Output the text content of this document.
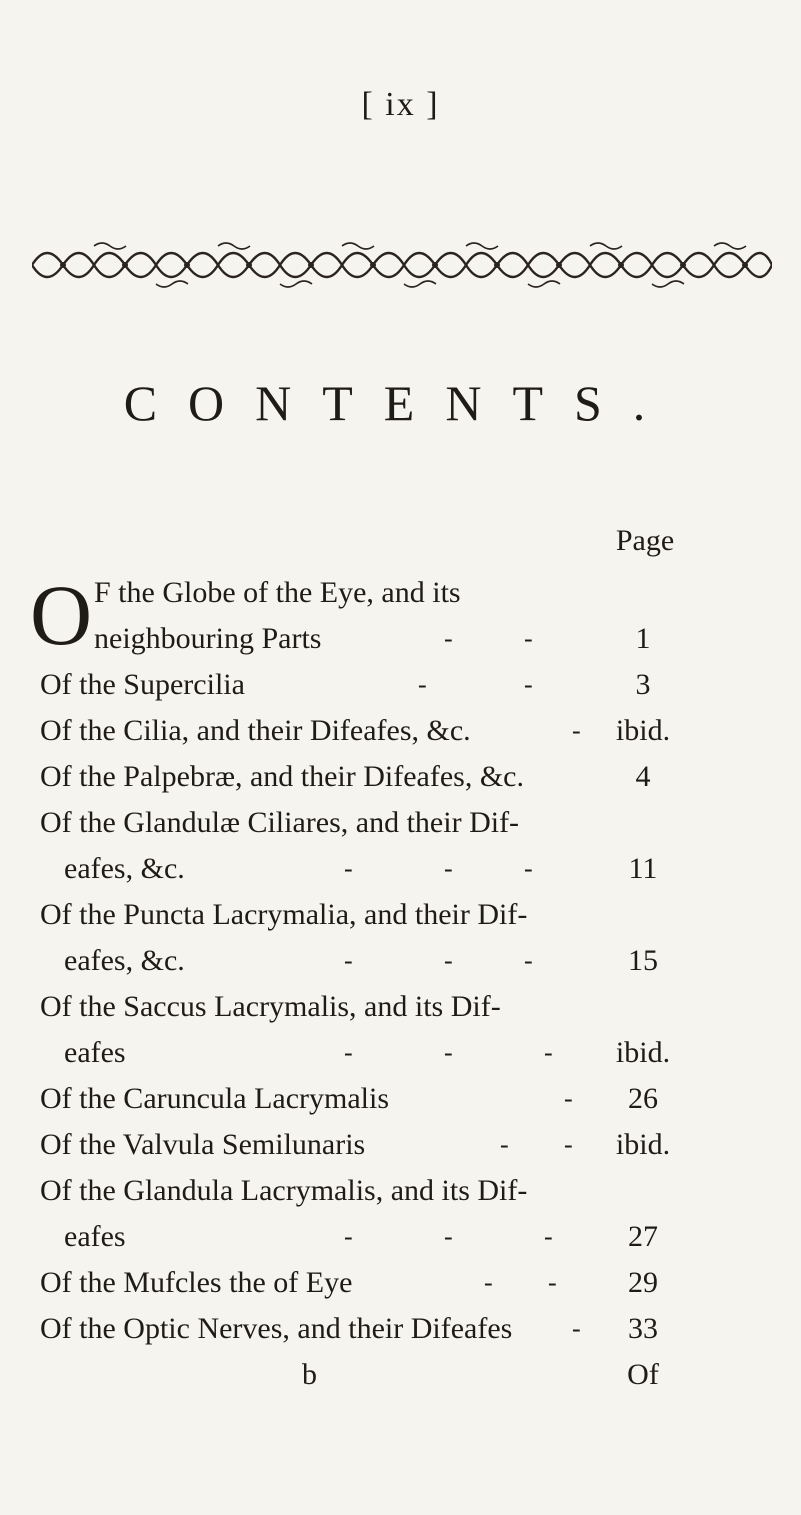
[ ix ]
CONTENTS.
Page
O F the Globe of the Eye, and its
neighbouring Parts	-	-	1
Of the Supercilia	-	-	3
Of the Cilia, and their Difeafes, &c.	-	ibid.
Of the Palpebræ, and their Difeafes, &c.	4
Of the Glandulæ Ciliares, and their Dif-
eafes, &c.	-	-	-	11
Of the Puncta Lacrymalia, and their Dif-
eafes, &c.	-	-	-	15
Of the Saccus Lacrymalis, and its Dif-
eafes	-	-	-	ibid.
Of the Caruncula Lacrymalis	-	26
Of the Valvula Semilunaris	- -	ibid.
Of the Glandula Lacrymalis, and its Dif-
eafes	-	-	-	27
Of the Mufcles the of Eye	- -	29
Of the Optic Nerves, and their Difeafes -	33
b	Of
